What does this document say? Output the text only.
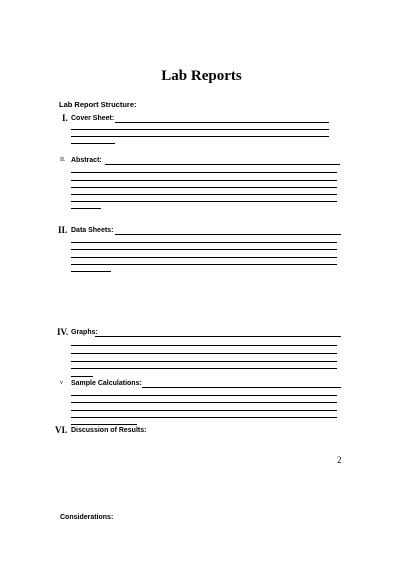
Lab Reports
Lab Report Structure:
I. Cover Sheet:
II. Abstract:
II. Data Sheets:
IV. Graphs:
v Sample Calculations:
VI. Discussion of Results:
2
Considerations:
